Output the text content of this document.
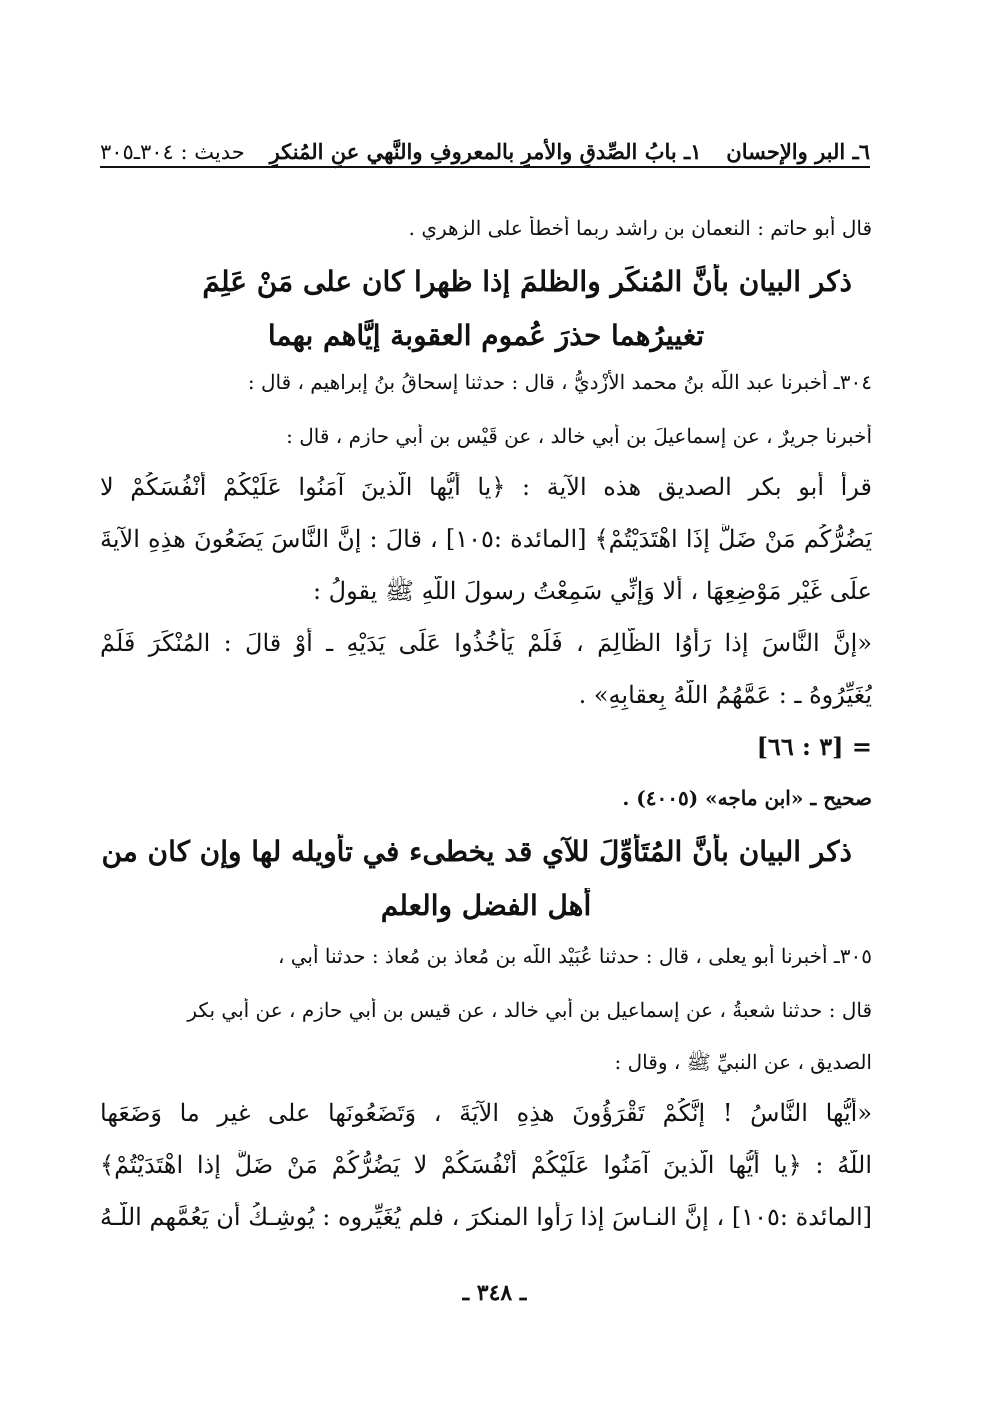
٦ـ البر والإحسان
١ـ بابُ الصِّدقِ والأمرِ بالمعروفِ والنَّهي عنِ المُنكرِ
حديث : ٣٠٤ـ٣٠٥
قال أبو حاتم : النعمان بن راشد ربما أخطأ على الزهري .
ذكر البيان بأنَّ المُنكَر والظلمَ إذا ظهرا كان على مَنْ عَلِمَ
تغييرُهما حذرَ عُمومِ العقوبة إيَّاهم بهما
٣٠٤ـ أخبرنا عبد اللَّه بنُ محمد الأَزْديُّ ، قال : حدثنا إسحاقُ بنُ إبراهيم ، قال :
أخبرنا جريرٌ ، عن إسماعيلَ بنِ أبي خالد ، عن قَيْسِ بنِ أبي حازم ، قال :
قرأ أبو بكر الصديق هذه الآية : ﴿يا أيُّها الَّذينَ آمَنُوا عَلَيْكُمْ أَنْفُسَكُمْ لا
يَضُرُّكُم مَنْ ضَلَّ إذَا اهْتَدَيْتُمْ﴾ [المائدة :١٠٥] ، قالَ : إنَّ النَّاسَ يَضَعُونَ هذِهِ الآيةَ
علَى غَيْرِ مَوْضِعِهَا ، أَلا وَإِنِّي سَمِعْتُ رسولَ اللَّهِ ﷺ يقولُ :
«إنَّ النَّاسَ إذا رَأَوُا الظَّالِمَ ، فَلَمْ يَأْخُذُوا عَلَى يَدَيْهِ ـ أَوْ قالَ : المُنْكَرَ فَلَمْ
يُغَيِّرُوهُ ـ : عَمَّهُمُ اللَّهُ بِعقابِهِ» .
= [٣ : ٦٦]
صحيح ـ «ابن ماجه» (٤٠٠٥) .
ذكر البيان بأنَّ المُتَأَوِّلَ للآي قد يخطىء في تأويله لها وإن كان من
أهل الفضل والعلم
٣٠٥ـ أخبرنا أبو يعلى ، قال : حدثنا عُبَيْد اللَّه بن مُعاذ بن مُعاذ : حدثنا أبي ،
قال : حدثنا شعبةُ ، عن إسماعيل بن أبي خالد ، عن قيس بن أبي حازم ، عن أبي بكر
الصديق ، عن النبيِّ ﷺ ، وقال :
«أيُّها النَّاسُ ! إنَّكُمْ تَقْرَؤُونَ هذِهِ الآيَةَ ، وَتَضَعُونَها على غيرِ ما وَضَعَها
اللَّهُ : ﴿يا أيُّها الَّذينَ آمَنُوا عَلَيْكُمْ أَنْفُسَكُمْ لا يَضُرُّكُمْ مَنْ ضَلَّ إذا اهْتَدَيْتُمْ﴾
[المائدة :١٠٥] ، إنَّ النـاسَ إذا رَأَوا المنكرَ ، فلم يُغَيِّروه : يُوشِـكُ أَن يَعُمَّهم اللَّـهُ
ـ ٣٤٨ ـ
